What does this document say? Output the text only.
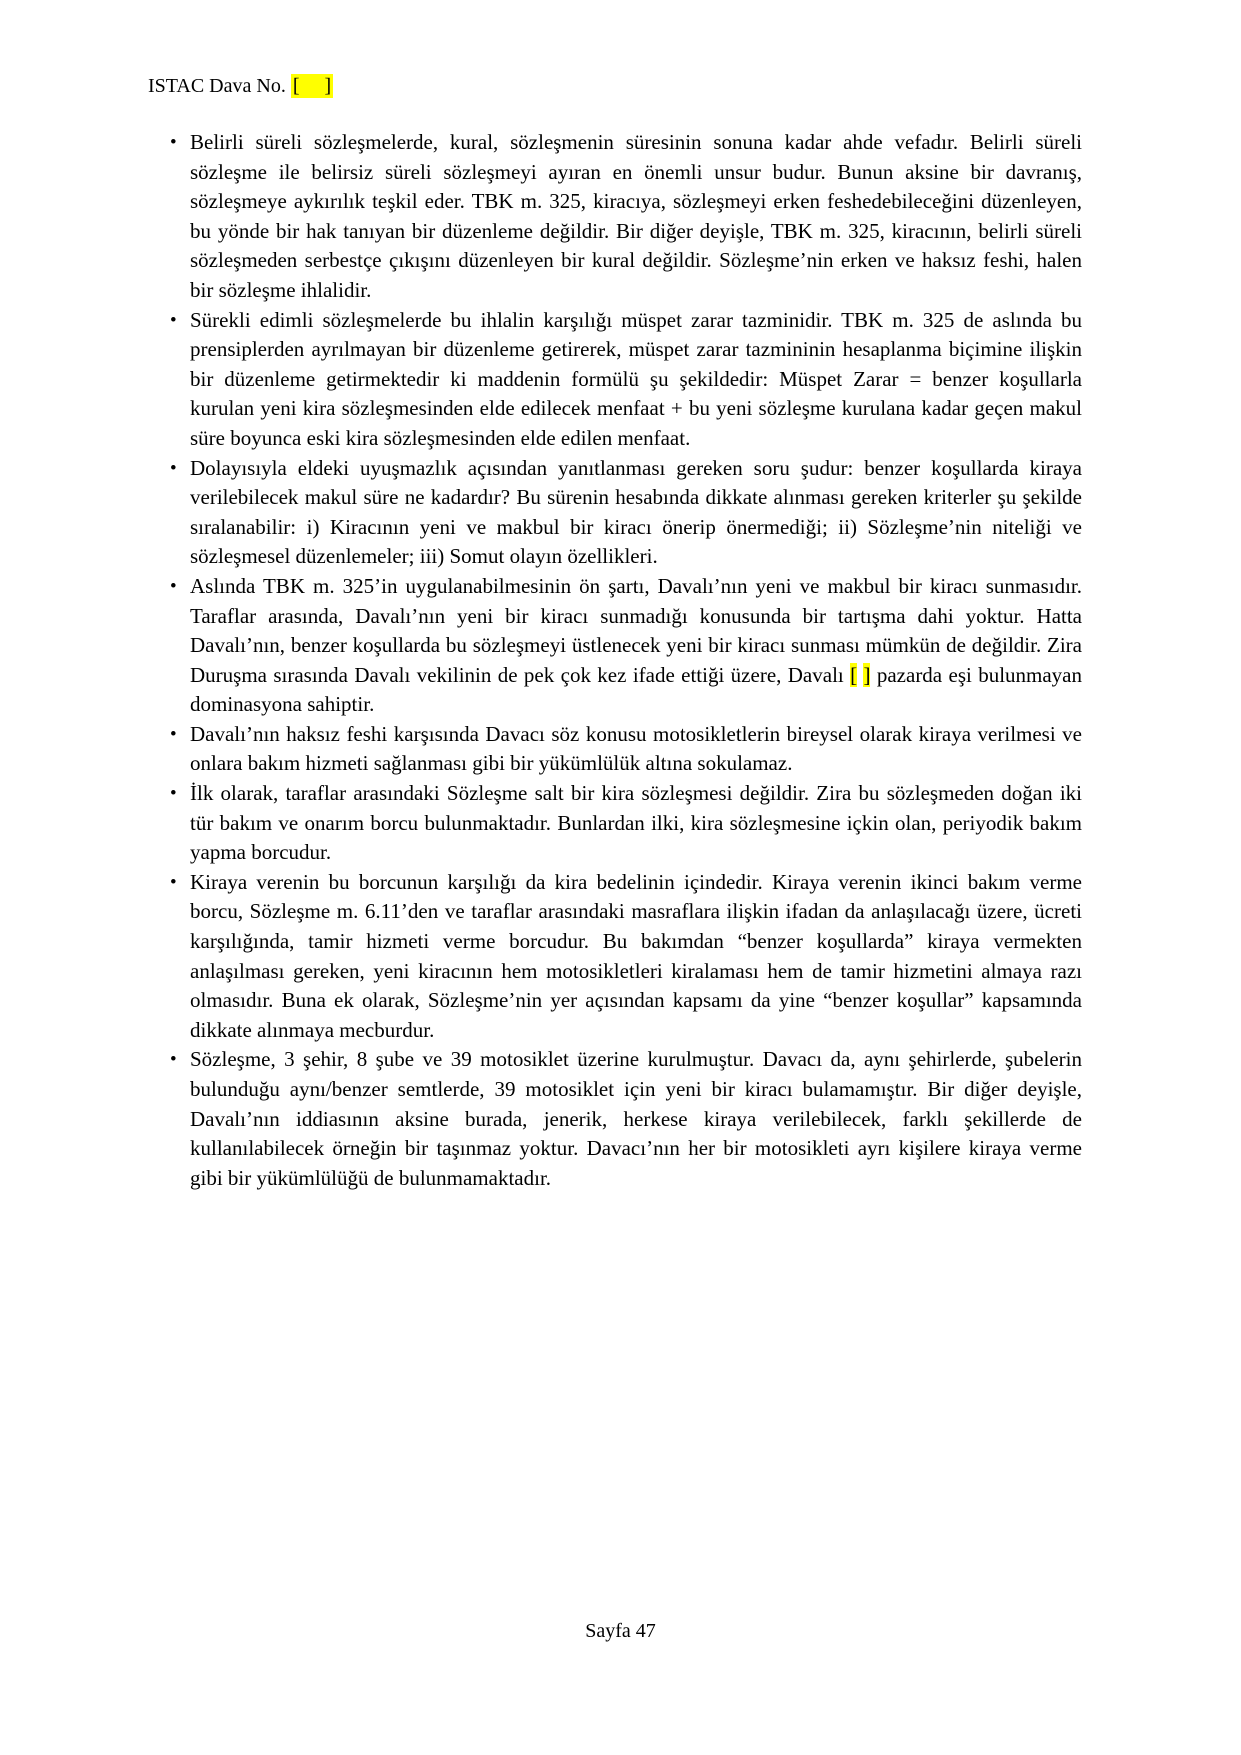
ISTAC Dava No. [     ]
• Belirli süreli sözleşmelerde, kural, sözleşmenin süresinin sonuna kadar ahde vefadır. Belirli süreli sözleşme ile belirsiz süreli sözleşmeyi ayıran en önemli unsur budur. Bunun aksine bir davranış, sözleşmeye aykırılık teşkil eder. TBK m. 325, kiracıya, sözleşmeyi erken feshedebileceğini düzenleyen, bu yönde bir hak tanıyan bir düzenleme değildir. Bir diğer deyişle, TBK m. 325, kiracının, belirli süreli sözleşmeden serbestçe çıkışını düzenleyen bir kural değildir. Sözleşme’nin erken ve haksız feshi, halen bir sözleşme ihlalidir.
• Sürekli edimli sözleşmelerde bu ihlalin karşılığı müspet zarar tazminidir. TBK m. 325 de aslında bu prensiplerden ayrılmayan bir düzenleme getirerek, müspet zarar tazmininin hesaplanma biçimine ilişkin bir düzenleme getirmektedir ki maddenin formülü şu şekildedir: Müspet Zarar = benzer koşullarla kurulan yeni kira sözleşmesinden elde edilecek menfaat + bu yeni sözleşme kurulana kadar geçen makul süre boyunca eski kira sözleşmesinden elde edilen menfaat.
• Dolayısıyla eldeki uyuşmazlık açısından yanıtlanması gereken soru şudur: benzer koşullarda kiraya verilebilecek makul süre ne kadardır? Bu sürenin hesabında dikkate alınması gereken kriterler şu şekilde sıralanabilir: i) Kiracının yeni ve makbul bir kiracı önerip önermediği; ii) Sözleşme’nin niteliği ve sözleşmesel düzenlemeler; iii) Somut olayın özellikleri.
• Aslında TBK m. 325’in uygulanabilmesinin ön şartı, Davalı’nın yeni ve makbul bir kiracı sunmasıdır. Taraflar arasında, Davalı’nın yeni bir kiracı sunmadığı konusunda bir tartışma dahi yoktur. Hatta Davalı’nın, benzer koşullarda bu sözleşmeyi üstlenecek yeni bir kiracı sunması mümkün de değildir. Zira Duruşma sırasında Davalı vekilinin de pek çok kez ifade ettiği üzere, Davalı [ ] pazarda eşi bulunmayan dominasyona sahiptir.
• Davalı’nın haksız feshi karşısında Davacı söz konusu motosikletlerin bireysel olarak kiraya verilmesi ve onlara bakım hizmeti sağlanması gibi bir yükümlülük altına sokulamaz.
• İlk olarak, taraflar arasındaki Sözleşme salt bir kira sözleşmesi değildir. Zira bu sözleşmeden doğan iki tür bakım ve onarım borcu bulunmaktadır. Bunlardan ilki, kira sözleşmesine içkin olan, periyodik bakım yapma borcudur.
• Kiraya verenin bu borcunun karşılığı da kira bedelinin içindedir. Kiraya verenin ikinci bakım verme borcu, Sözleşme m. 6.11’den ve taraflar arasındaki masraflara ilişkin ifadan da anlaşılacağı üzere, ücreti karşılığında, tamir hizmeti verme borcudur. Bu bakımdan “benzer koşullarda” kiraya vermekten anlaşılması gereken, yeni kiracının hem motosikletleri kiralaması hem de tamir hizmetini almaya razı olmasıdır. Buna ek olarak, Sözleşme’nin yer açısından kapsamı da yine “benzer koşullar” kapsamında dikkate alınmaya mecburdur.
• Sözleşme, 3 şehir, 8 şube ve 39 motosiklet üzerine kurulmuştur. Davacı da, aynı şehirlerde, şubelerin bulunduğu aynı/benzer semtlerde, 39 motosiklet için yeni bir kiracı bulamamıştır. Bir diğer deyişle, Davalı’nın iddiasının aksine burada, jenerik, herkese kiraya verilebilecek, farklı şekillerde de kullanılabilecek örneğin bir taşınmaz yoktur. Davacı’nın her bir motosikleti ayrı kişilere kiraya verme gibi bir yükümlülüğü de bulunmamaktadır.
Sayfa 47
